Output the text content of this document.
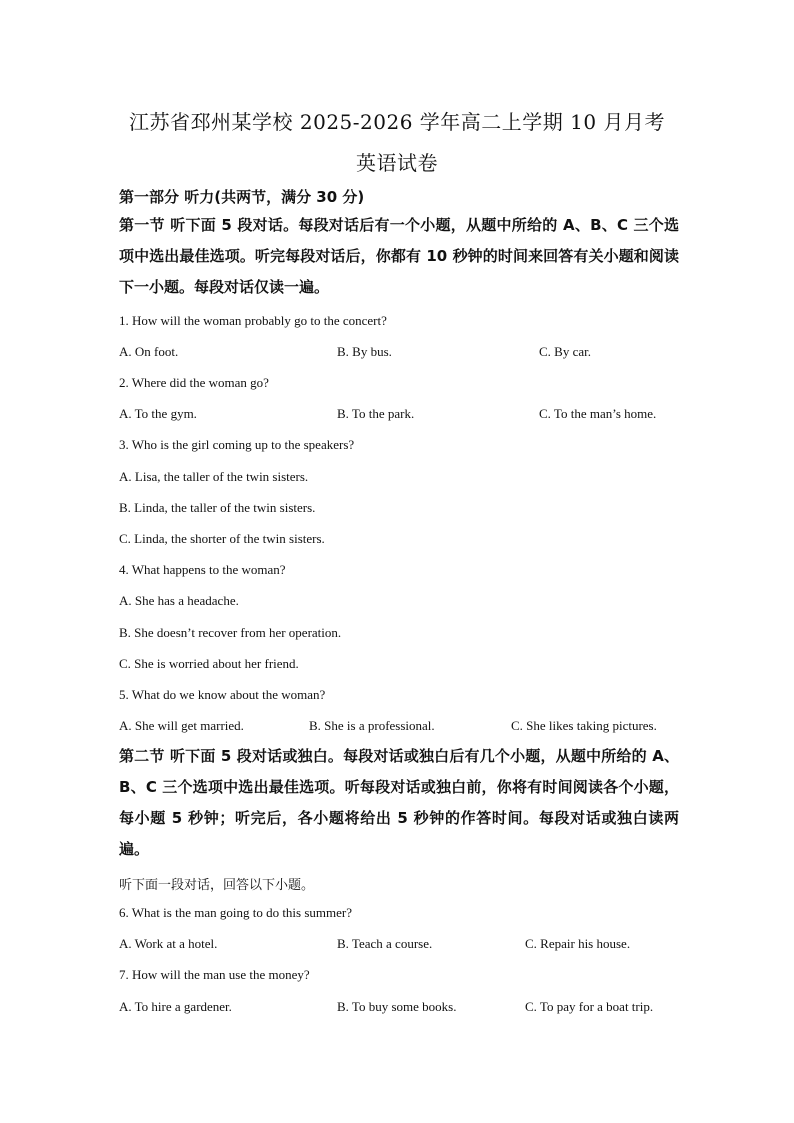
江苏省邳州某学校 2025-2026 学年高二上学期 10 月月考
英语试卷
第一部分 听力(共两节，满分 30 分)
第一节 听下面 5 段对话。每段对话后有一个小题，从题中所给的 A、B、C 三个选项中选出最佳选项。听完每段对话后，你都有 10 秒钟的时间来回答有关小题和阅读下一小题。每段对话仅读一遍。
1. How will the woman probably go to the concert?
A. On foot.	B. By bus.	C. By car.
2. Where did the woman go?
A. To the gym.	B. To the park.	C. To the man’s home.
3. Who is the girl coming up to the speakers?
A. Lisa, the taller of the twin sisters.
B. Linda, the taller of the twin sisters.
C. Linda, the shorter of the twin sisters.
4. What happens to the woman?
A. She has a headache.
B. She doesn’t recover from her operation.
C. She is worried about her friend.
5. What do we know about the woman?
A. She will get married.	B. She is a professional.	C. She likes taking pictures.
第二节 听下面 5 段对话或独白。每段对话或独白后有几个小题，从题中所给的 A、B、C 三个选项中选出最佳选项。听每段对话或独白前，你将有时间阅读各个小题，每小题 5 秒钟；听完后，各小题将给出 5 秒钟的作答时间。每段对话或独白读两遍。
听下面一段对话，回答以下小题。
6. What is the man going to do this summer?
A. Work at a hotel.	B. Teach a course.	C. Repair his house.
7. How will the man use the money?
A. To hire a gardener.	B. To buy some books.	C. To pay for a boat trip.
